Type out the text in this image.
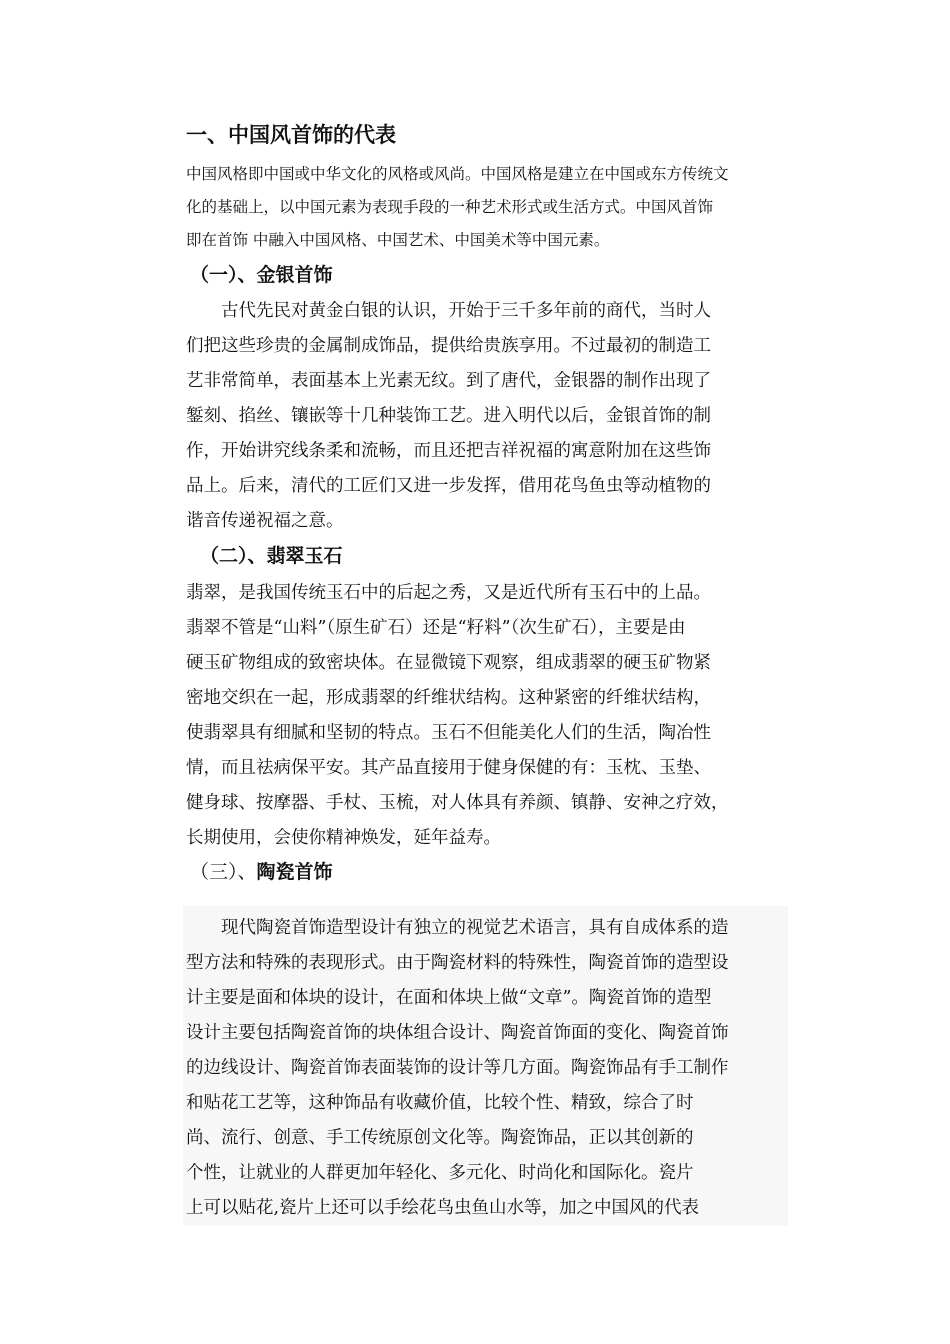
一、中国风首饰的代表
中国风格即中国或中华文化的风格或风尚。中国风格是建立在中国或东方传统文
化的基础上，以中国元素为表现手段的一种艺术形式或生活方式。中国风首饰
即在首饰 中融入中国风格、中国艺术、中国美术等中国元素。
（一）、金银首饰
　　古代先民对黄金白银的认识，开始于三千多年前的商代，当时人
们把这些珍贵的金属制成饰品，提供给贵族享用。不过最初的制造工
艺非常简单，表面基本上光素无纹。到了唐代，金银器的制作出现了
錾刻、掐丝、镶嵌等十几种装饰工艺。进入明代以后，金银首饰的制
作，开始讲究线条柔和流畅，而且还把吉祥祝福的寓意附加在这些饰
品上。后来，清代的工匠们又进一步发挥，借用花鸟鱼虫等动植物的
谐音传递祝福之意。
（二）、翡翠玉石
翡翠，是我国传统玉石中的后起之秀，又是近代所有玉石中的上品。
翡翠不管是“山料”（原生矿石）还是“籽料”（次生矿石），主要是由
硬玉矿物组成的致密块体。在显微镜下观察，组成翡翠的硬玉矿物紧
密地交织在一起，形成翡翠的纤维状结构。这种紧密的纤维状结构，
使翡翠具有细腻和坚韧的特点。玉石不但能美化人们的生活，陶冶性
情，而且祛病保平安。其产品直接用于健身保健的有：玉枕、玉垫、
健身球、按摩器、手杖、玉梳，对人体具有养颜、镇静、安神之疗效，
长期使用，会使你精神焕发，延年益寿。
（三）、陶瓷首饰
　　现代陶瓷首饰造型设计有独立的视觉艺术语言，具有自成体系的造
型方法和特殊的表现形式。由于陶瓷材料的特殊性，陶瓷首饰的造型设
计主要是面和体块的设计，在面和体块上做“文章”。陶瓷首饰的造型
设计主要包括陶瓷首饰的块体组合设计、陶瓷首饰面的变化、陶瓷首饰
的边线设计、陶瓷首饰表面装饰的设计等几方面。陶瓷饰品有手工制作
和贴花工艺等，这种饰品有收藏价值，比较个性、精致，综合了时
尚、流行、创意、手工传统原创文化等。陶瓷饰品，正以其创新的
个性，让就业的人群更加年轻化、多元化、时尚化和国际化。瓷片
上可以贴花,瓷片上还可以手绘花鸟虫鱼山水等，加之中国风的代表
